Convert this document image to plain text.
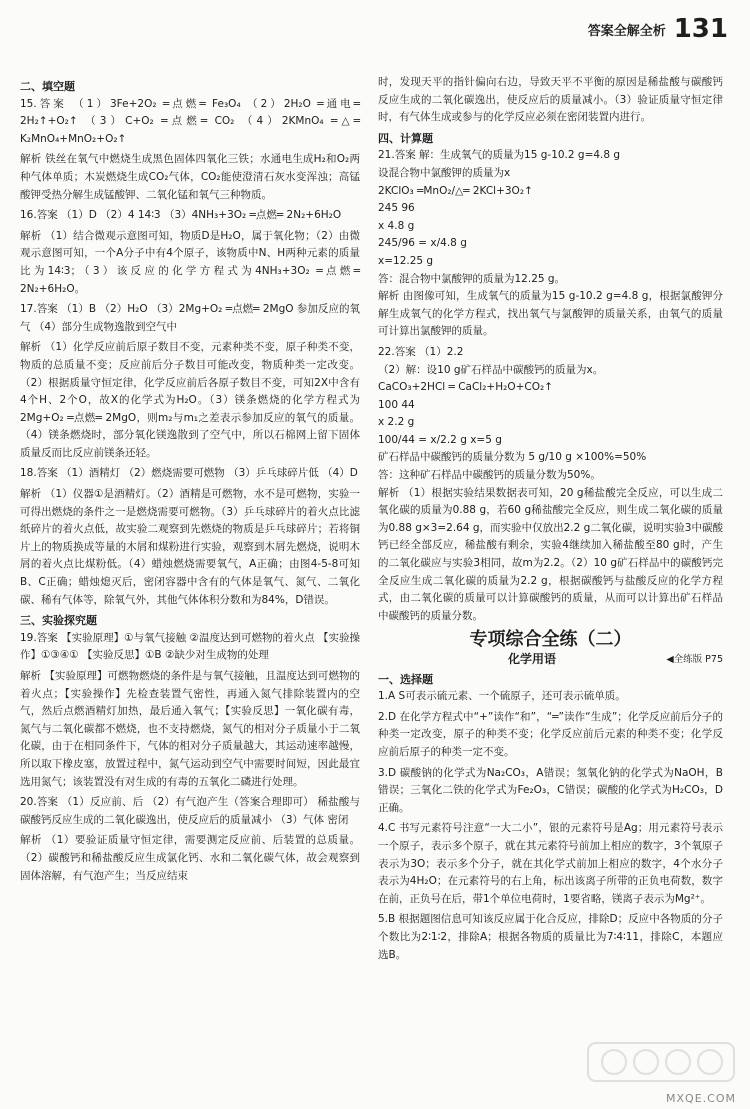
答案全解全析 131

二、填空题

15.答案 （1）3Fe+2O₂ ═点燃═ Fe₃O₄ （2）2H₂O ═通电═ 2H₂↑+O₂↑ （3）C+O₂ ═点燃═ CO₂ （4）2KMnO₄ ═△═ K₂MnO₄+MnO₂+O₂↑

解析 铁丝在氧气中燃烧生成黑色固体四氧化三铁；水通电生成H₂和O₂两种气体单质；木炭燃烧生成CO₂气体，CO₂能使澄清石灰水变浑浊；高锰酸钾受热分解生成锰酸钾、二氧化锰和氧气三种物质。

16.答案 （1）D （2）4 14∶3 （3）4NH₃+3O₂ ═点燃═ 2N₂+6H₂O

解析 （1）结合微观示意图可知，物质D是H₂O，属于氧化物；（2）由微观示意图可知，一个A分子中有4个原子，该物质中N、H两种元素的质量比为14∶3；（3）该反应的化学方程式为4NH₃+3O₂ ═点燃═ 2N₂+6H₂O。

17.答案 （1）B （2）H₂O （3）2Mg+O₂ ═点燃═ 2MgO 参加反应的氧气 （4）部分生成物逸散到空气中

解析 （1）化学反应前后原子数目不变，元素种类不变，原子种类不变，物质的总质量不变；反应前后分子数目可能改变，物质种类一定改变。（2）根据质量守恒定律，化学反应前后各原子数目不变，可知2X中含有4个H、2个O，故X的化学式为H₂O。（3）镁条燃烧的化学方程式为2Mg+O₂ ═点燃═ 2MgO，则m₂与m₁之差表示参加反应的氧气的质量。（4）镁条燃烧时，部分氧化镁逸散到了空气中，所以石棉网上留下固体质量反而比反应前镁条还轻。

18.答案 （1）酒精灯 （2）燃烧需要可燃物 （3）乒乓球碎片低 （4）D

解析 （1）仪器①是酒精灯。（2）酒精是可燃物，水不是可燃物，实验一可得出燃烧的条件之一是燃烧需要可燃物。（3）乒乓球碎片的着火点比滤纸碎片的着火点低，故实验二观察到先燃烧的物质是乒乓球碎片；若将铜片上的物质换成等量的木屑和煤粉进行实验，观察到木屑先燃烧，说明木屑的着火点比煤粉低。（4）蜡烛燃烧需要氧气，A正确；由图4-5-8可知B、C正确；蜡烛熄灭后，密闭容器中含有的气体是氧气、氮气、二氧化碳、稀有气体等，除氧气外，其他气体体积分数和为84%，D错误。

三、实验探究题

19.答案 【实验原理】①与氧气接触 ②温度达到可燃物的着火点 【实验操作】①③④① 【实验反思】①B ②缺少对生成物的处理

解析 【实验原理】可燃物燃烧的条件是与氧气接触，且温度达到可燃物的着火点；【实验操作】先检查装置气密性，再通入氮气排除装置内的空气，然后点燃酒精灯加热，最后通入氧气；【实验反思】一氧化碳有毒，氮气与二氧化碳都不燃烧，也不支持燃烧，氮气的相对分子质量小于二氧化碳，由于在相同条件下，气体的相对分子质量越大，其运动速率越慢，所以取下橡皮塞，放置过程中，氮气运动到空气中需要时间短，因此最宜选用氮气；该装置没有对生成的有毒的五氧化二磷进行处理。

20.答案 （1）反应前、后 （2）有气泡产生（答案合理即可） 稀盐酸与碳酸钙反应生成的二氧化碳逸出，使反应后的质量减小 （3）气体 密闭

解析 （1）要验证质量守恒定律，需要测定反应前、后装置的总质量。（2）碳酸钙和稀盐酸反应生成氯化钙、水和二氧化碳气体，故会观察到固体溶解，有气泡产生；当反应结束

时，发现天平的指针偏向右边，导致天平不平衡的原因是稀盐酸与碳酸钙反应生成的二氧化碳逸出，使反应后的质量减小。（3）验证质量守恒定律时，有气体生成或参与的化学反应必须在密闭装置内进行。

四、计算题

21.答案 解：生成氧气的质量为15 g-10.2 g=4.8 g

设混合物中氯酸钾的质量为x

2KClO₃ ═MnO₂/△═ 2KCl+3O₂↑

245 96

x 4.8 g

245/96 = x/4.8 g

x=12.25 g

答：混合物中氯酸钾的质量为12.25 g。

解析 由图像可知，生成氧气的质量为15 g-10.2 g=4.8 g，根据氯酸钾分解生成氧气的化学方程式，找出氧气与氯酸钾的质量关系，由氧气的质量可计算出氯酸钾的质量。

22.答案 （1）2.2

（2）解：设10 g矿石样品中碳酸钙的质量为x。

CaCO₃+2HCl ═ CaCl₂+H₂O+CO₂↑

100 44

x 2.2 g

100/44 = x/2.2 g x=5 g

矿石样品中碳酸钙的质量分数为 5 g/10 g ×100%=50%

答：这种矿石样品中碳酸钙的质量分数为50%。

解析 （1）根据实验结果数据表可知，20 g稀盐酸完全反应，可以生成二氧化碳的质量为0.88 g，若60 g稀盐酸完全反应，则生成二氧化碳的质量为0.88 g×3=2.64 g，而实验中仅放出2.2 g二氧化碳，说明实验3中碳酸钙已经全部反应，稀盐酸有剩余，实验4继续加入稀盐酸至80 g时，产生的二氧化碳应与实验3相同，故m为2.2。（2）10 g矿石样品中的碳酸钙完全反应生成二氧化碳的质量为2.2 g，根据碳酸钙与盐酸反应的化学方程式，由二氧化碳的质量可以计算碳酸钙的质量，从而可以计算出矿石样品中碳酸钙的质量分数。

专项综合全练（二）
化学用语	◀全练版 P75

一、选择题

1.A S可表示硫元素、一个硫原子，还可表示硫单质。

2.D 在化学方程式中“+”读作“和”，“═”读作“生成”；化学反应前后分子的种类一定改变，原子的种类不变；化学反应前后元素的种类不变；化学反应前后原子的种类一定不变。

3.D 碳酸钠的化学式为Na₂CO₃，A错误；氢氧化钠的化学式为NaOH，B错误；三氧化二铁的化学式为Fe₂O₃，C错误；碳酸的化学式为H₂CO₃，D正确。

4.C 书写元素符号注意“一大二小”，银的元素符号是Ag；用元素符号表示一个原子，表示多个原子，就在其元素符号前加上相应的数字，3个氧原子表示为3O；表示多个分子，就在其化学式前加上相应的数字，4个水分子表示为4H₂O；在元素符号的右上角，标出该离子所带的正负电荷数，数字在前，正负号在后，带1个单位电荷时，1要省略，镁离子表示为Mg²⁺。

5.B 根据题图信息可知该反应属于化合反应，排除D；反应中各物质的分子个数比为2∶1∶2，排除A；根据各物质的质量比为7∶4∶11，排除C，本题应选B。

MXQE.COM
